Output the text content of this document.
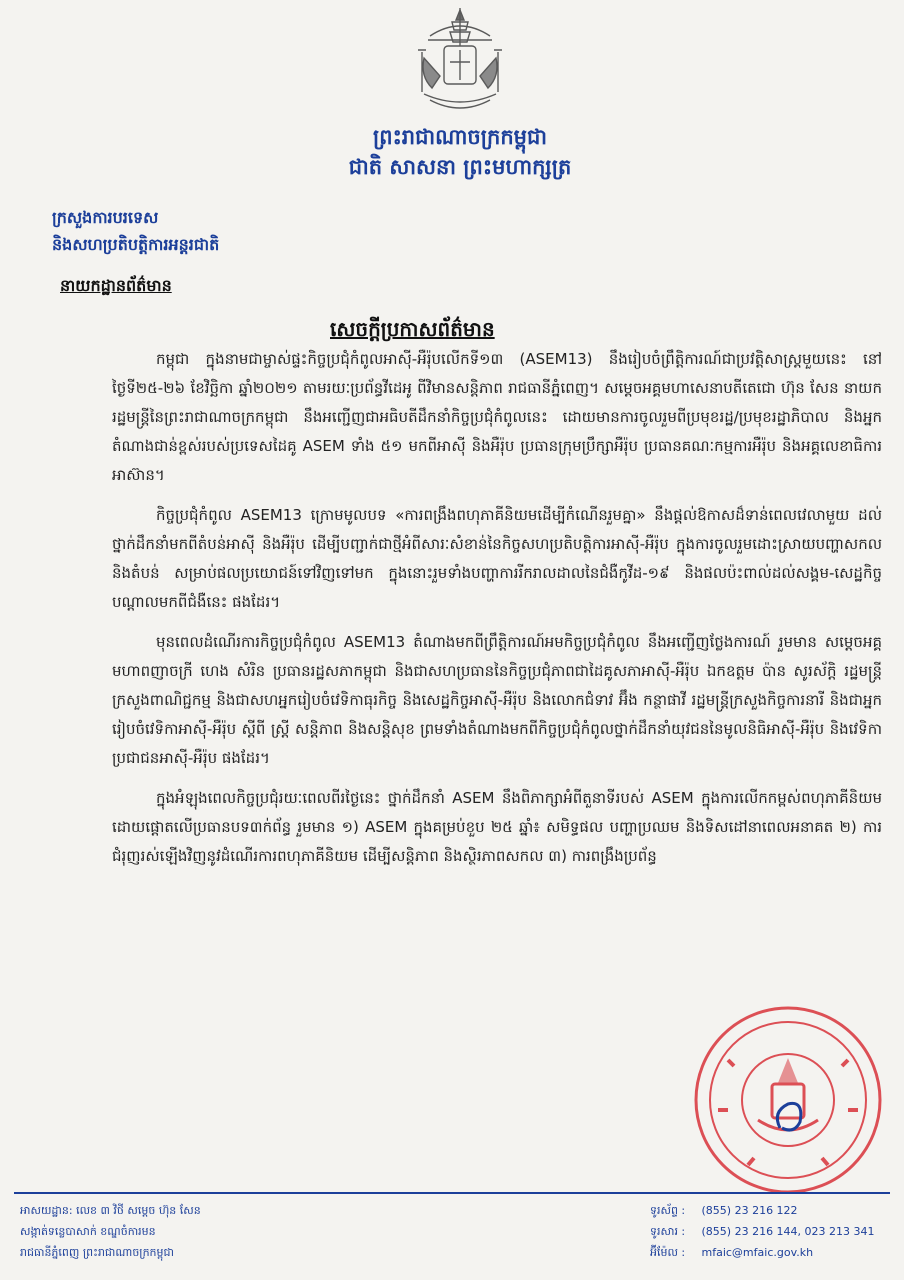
ព្រះរាជាណាចក្រកម្ពុជា
ជាតិ សាសនា ព្រះមហាក្សត្រ
ក្រសួងការបរទេស
និងសហប្រតិបត្តិការអន្តរជាតិ
នាយកដ្ឋានព័ត៌មាន
សេចក្តីប្រកាសព័ត៌មាន

កម្ពុជា ក្នុងនាមជាម្ចាស់ផ្ទះកិច្ចប្រជុំកំពូលអាស៊ី-អឺរ៉ុបលើកទី១៣ (ASEM13) នឹងរៀបចំព្រឹត្តិការណ៍ជាប្រវត្តិសាស្ត្រមួយនេះ នៅថ្ងៃទី២៥-២៦ ខែវិច្ឆិកា ឆ្នាំ២០២១ តាមរយៈប្រព័ន្ធវីដេអូ ពីវិមានសន្តិភាព រាជធានីភ្នំពេញ។ សម្តេចអគ្គមហាសេនាបតីតេជោ ហ៊ុន សែន នាយករដ្ឋមន្ត្រីនៃព្រះរាជាណាចក្រកម្ពុជា នឹងអញ្ជើញជាអធិបតីដឹកនាំកិច្ចប្រជុំកំពូលនេះ ដោយមានការចូលរួមពីប្រមុខរដ្ឋ/ប្រមុខរដ្ឋាភិបាល និងអ្នកតំណាងជាន់ខ្ពស់របស់ប្រទេសដៃគូ ASEM ទាំង ៥១ មកពីអាស៊ី និងអឺរ៉ុប ប្រធានក្រុមប្រឹក្សាអឺរ៉ុប ប្រធានគណៈកម្មការអឺរ៉ុប និងអគ្គលេខាធិការអាស៊ាន។

កិច្ចប្រជុំកំពូល ASEM13 ក្រោមមូលបទ «ការពង្រឹងពហុភាគីនិយមដើម្បីកំណើនរួមគ្នា» នឹងផ្តល់ឱកាសដ៏ទាន់ពេលវេលាមួយ ដល់ថ្នាក់ដឹកនាំមកពីតំបន់អាស៊ី និងអឺរ៉ុប ដើម្បីបញ្ជាក់ជាថ្មីអំពីសារៈសំខាន់នៃកិច្ចសហប្រតិបត្តិការអាស៊ី-អឺរ៉ុប ក្នុងការចូលរួមដោះស្រាយបញ្ហាសកល និងតំបន់ សម្រាប់ផលប្រយោជន៍ទៅវិញទៅមក ក្នុងនោះរួមទាំងបញ្ហាការរីករាលដាលនៃជំងឺកូវីដ-១៩ និងផលប៉ះពាល់ដល់សង្គម-សេដ្ឋកិច្ចបណ្តាលមកពីជំងឺនេះ ផងដែរ។

មុនពេលដំណើរការកិច្ចប្រជុំកំពូល ASEM13 តំណាងមកពីព្រឹត្តិការណ៍អមកិច្ចប្រជុំកំពូល នឹងអញ្ជើញថ្លែងការណ៍ រួមមាន សម្តេចអគ្គមហាពញាចក្រី ហេង សំរិន ប្រធានរដ្ឋសភាកម្ពុជា និងជាសហប្រធាននៃកិច្ចប្រជុំភាពជាដៃគូសភាអាស៊ី-អឺរ៉ុប ឯកឧត្តម ប៉ាន សូរស័ក្តិ រដ្ឋមន្ត្រីក្រសួងពាណិជ្ជកម្ម និងជាសហអ្នករៀបចំវេទិកាធុរកិច្ច និងសេដ្ឋកិច្ចអាស៊ី-អឺរ៉ុប និងលោកជំទាវ អ៊ឹង កន្ថាផាវី រដ្ឋមន្ត្រីក្រសួងកិច្ចការនារី និងជាអ្នករៀបចំវេទិកាអាស៊ី-អឺរ៉ុប ស្តីពី ស្ត្រី សន្តិភាព និងសន្តិសុខ ព្រមទាំងតំណាងមកពីកិច្ចប្រជុំកំពូលថ្នាក់ដឹកនាំយុវជននៃមូលនិធិអាស៊ី-អឺរ៉ុប និងវេទិកាប្រជាជនអាស៊ី-អឺរ៉ុប ផងដែរ។

ក្នុងអំឡុងពេលកិច្ចប្រជុំរយៈពេលពីរថ្ងៃនេះ ថ្នាក់ដឹកនាំ ASEM នឹងពិភាក្សាអំពីតួនាទីរបស់ ASEM ក្នុងការលើកកម្ពស់ពហុភាគីនិយម ដោយផ្តោតលើប្រធានបទ៣ក់ព័ន្ធ រួមមាន ១) ASEM ក្នុងគម្រប់ខួប ២៥ ឆ្នាំ៖ សមិទ្ធផល បញ្ហាប្រឈម និងទិសដៅនាពេលអនាគត ២) ការជំរុញរស់ឡើងវិញនូវដំណើរការពហុភាគីនិយម ដើម្បីសន្តិភាព និងស្ថិរភាពសកល ៣) ការពង្រឹងប្រព័ន្ធ

អាសយដ្ឋាន: លេខ ៣ វិថី សម្តេច ហ៊ុន សែន
សង្កាត់ទន្លេបាសាក់ ខណ្ឌចំការមន
រាជធានីភ្នំពេញ ព្រះរាជាណាចក្រកម្ពុជា
ទូរស័ព្ទ : (855) 23 216 122
ទូរសារ : (855) 23 216 144, 023 213 341
អ៊ីម៉ែល : mfaic@mfaic.gov.kh
